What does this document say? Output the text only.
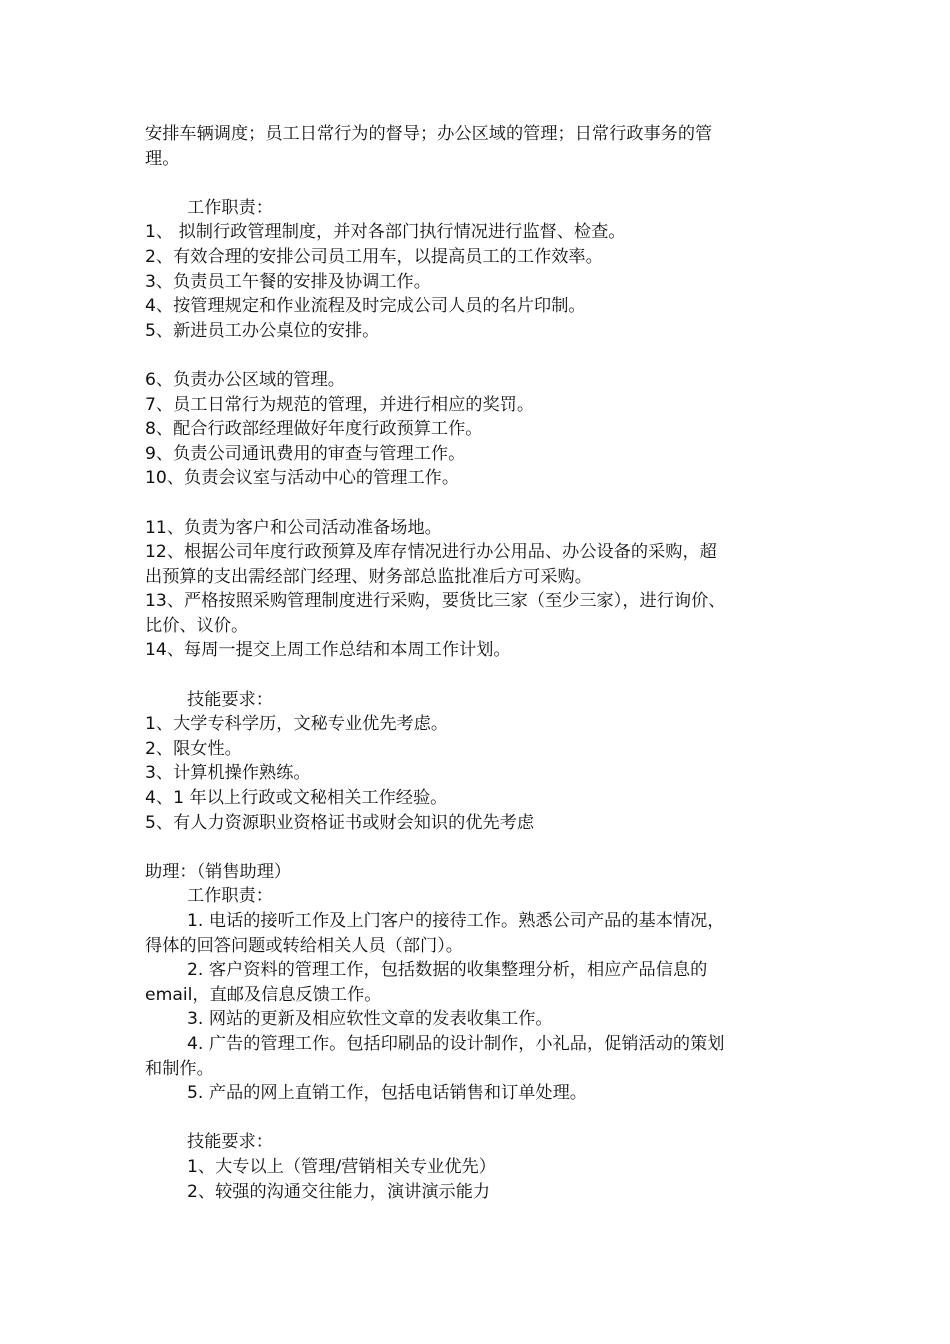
安排车辆调度；员工日常行为的督导；办公区域的管理；日常行政事务的管
理。
工作职责：
1、 拟制行政管理制度，并对各部门执行情况进行监督、检查。
2、有效合理的安排公司员工用车，以提高员工的工作效率。
3、负责员工午餐的安排及协调工作。
4、按管理规定和作业流程及时完成公司人员的名片印制。
5、新进员工办公桌位的安排。
6、负责办公区域的管理。
7、员工日常行为规范的管理，并进行相应的奖罚。
8、配合行政部经理做好年度行政预算工作。
9、负责公司通讯费用的审查与管理工作。
10、负责会议室与活动中心的管理工作。
11、负责为客户和公司活动准备场地。
12、根据公司年度行政预算及库存情况进行办公用品、办公设备的采购，超
出预算的支出需经部门经理、财务部总监批准后方可采购。
13、严格按照采购管理制度进行采购，要货比三家（至少三家），进行询价、
比价、议价。
14、每周一提交上周工作总结和本周工作计划。
技能要求：
1、大学专科学历，文秘专业优先考虑。
2、限女性。
3、计算机操作熟练。
4、1 年以上行政或文秘相关工作经验。
5、有人力资源职业资格证书或财会知识的优先考虑
助理：（销售助理）
工作职责：
1. 电话的接听工作及上门客户的接待工作。熟悉公司产品的基本情况，
得体的回答问题或转给相关人员（部门）。
2. 客户资料的管理工作，包括数据的收集整理分析，相应产品信息的
email，直邮及信息反馈工作。
3. 网站的更新及相应软性文章的发表收集工作。
4. 广告的管理工作。包括印刷品的设计制作，小礼品，促销活动的策划
和制作。
5. 产品的网上直销工作，包括电话销售和订单处理。
技能要求：
1、大专以上（管理/营销相关专业优先）
2、较强的沟通交往能力，演讲演示能力
